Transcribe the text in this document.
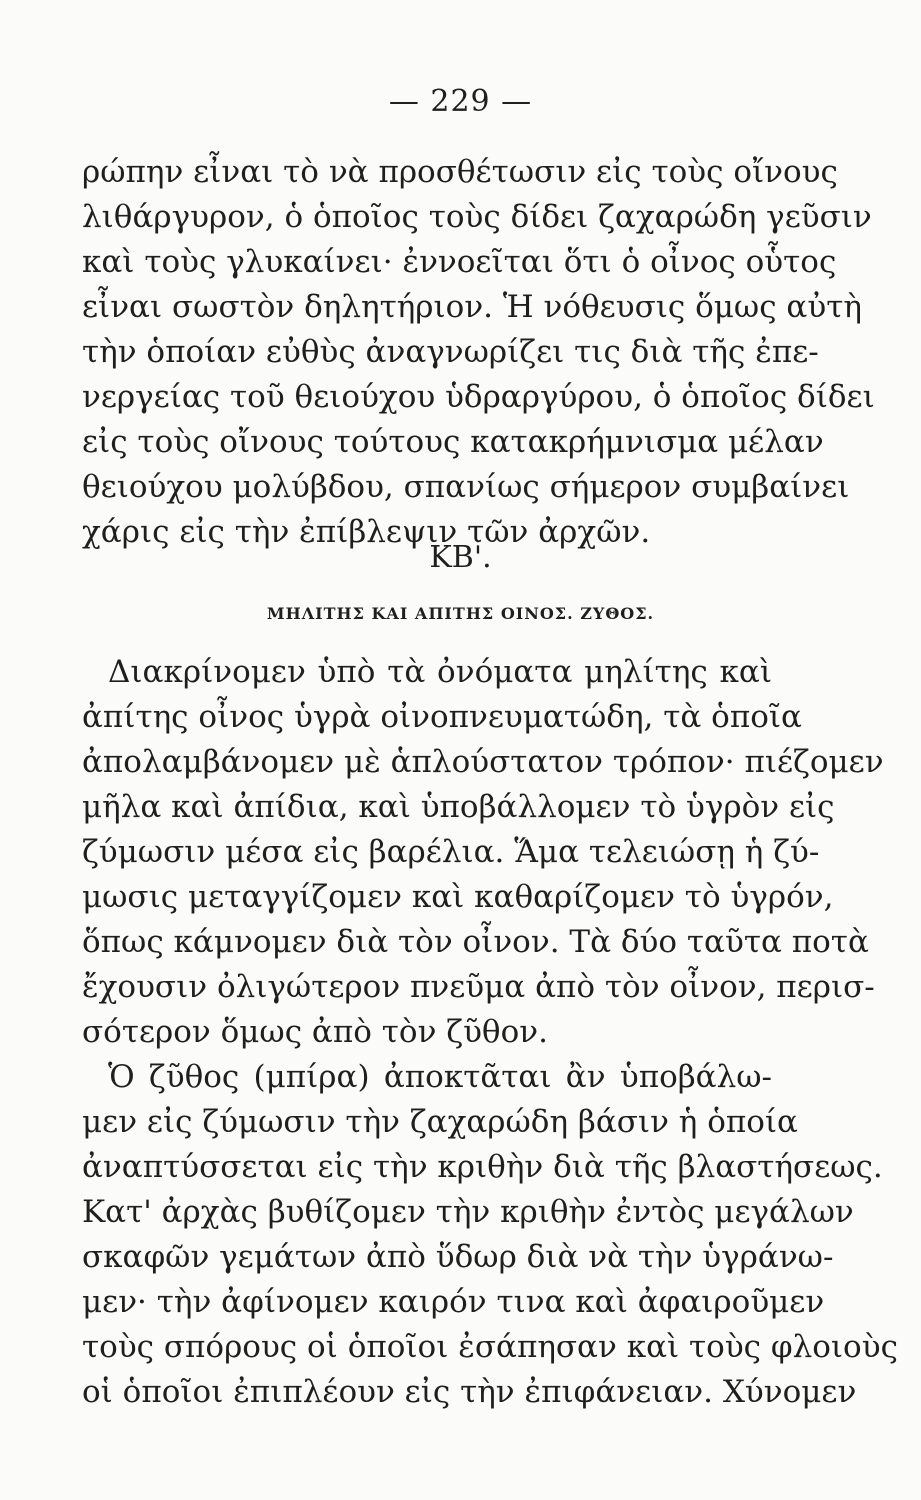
— 229 —
ρώπην εἶναι τὸ νὰ προσθέτωσιν εἰς τοὺς οἴνους
λιθάργυρον, ὁ ὁποῖος τοὺς δίδει ζαχαρώδη γεῦσιν
καὶ τοὺς γλυκαίνει· ἐννοεῖται ὅτι ὁ οἶνος οὗτος
εἶναι σωστὸν δηλητήριον. Ἡ νόθευσις ὅμως αὐτὴ
τὴν ὁποίαν εὐθὺς ἀναγνωρίζει τις διὰ τῆς ἐπε-
νεργείας τοῦ θειούχου ὑδραργύρου, ὁ ὁποῖος δίδει
εἰς τοὺς οἴνους τούτους κατακρήμνισμα μέλαν
θειούχου μολύβδου, σπανίως σήμερον συμβαίνει
χάρις εἰς τὴν ἐπίβλεψιν τῶν ἀρχῶν.
ΚΒ'.
ΜΗΛΙΤΗΣ ΚΑΙ ΑΠΙΤΗΣ ΟΙΝΟΣ. ΖΥΘΟΣ.
Διακρίνομεν ὑπὸ τὰ ὀνόματα μηλίτης καὶ
ἀπίτης οἶνος ὑγρὰ οἰνοπνευματώδη, τὰ ὁποῖα
ἀπολαμβάνομεν μὲ ἁπλούστατον τρόπον· πιέζομεν
μῆλα καὶ ἀπίδια, καὶ ὑποβάλλομεν τὸ ὑγρὸν εἰς
ζύμωσιν μέσα εἰς βαρέλια. Ἅμα τελειώσῃ ἡ ζύ-
μωσις μεταγγίζομεν καὶ καθαρίζομεν τὸ ὑγρόν,
ὅπως κάμνομεν διὰ τὸν οἶνον. Τὰ δύο ταῦτα ποτὰ
ἔχουσιν ὀλιγώτερον πνεῦμα ἀπὸ τὸν οἶνον, περισ-
σότερον ὅμως ἀπὸ τὸν ζῦθον.
Ὁ ζῦθος (μπίρα) ἀποκτᾶται ἂν ὑποβάλω-
μεν εἰς ζύμωσιν τὴν ζαχαρώδη βάσιν ἡ ὁποία
ἀναπτύσσεται εἰς τὴν κριθὴν διὰ τῆς βλαστήσεως.
Κατ' ἀρχὰς βυθίζομεν τὴν κριθὴν ἐντὸς μεγάλων
σκαφῶν γεμάτων ἀπὸ ὕδωρ διὰ νὰ τὴν ὑγράνω-
μεν· τὴν ἀφίνομεν καιρόν τινα καὶ ἀφαιροῦμεν
τοὺς σπόρους οἱ ὁποῖοι ἐσάπησαν καὶ τοὺς φλοιοὺς
οἱ ὁποῖοι ἐπιπλέουν εἰς τὴν ἐπιφάνειαν. Χύνομεν
